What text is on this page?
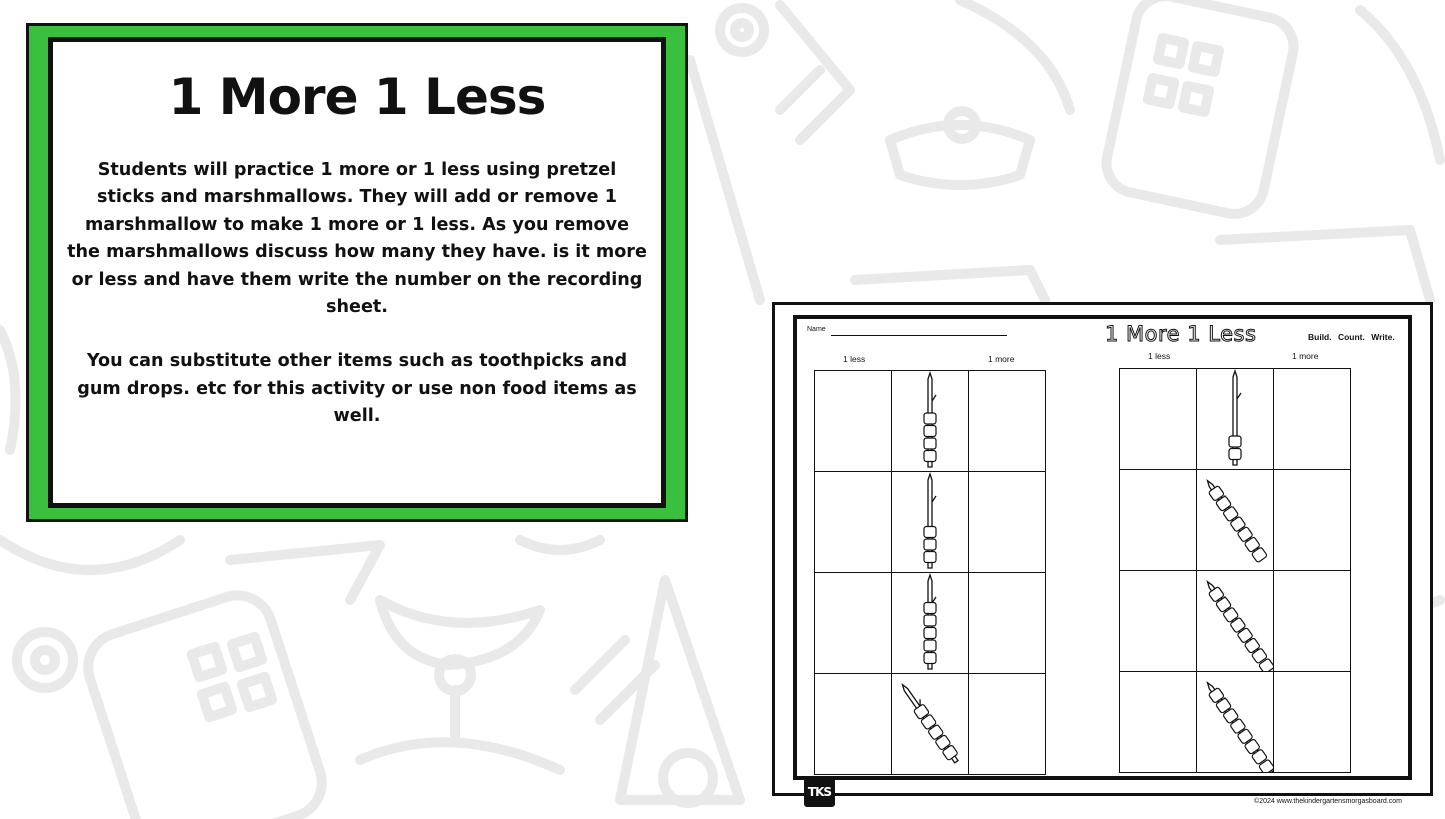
1 More 1 Less

Students will practice 1 more or 1 less using pretzel sticks and marshmallows. They will add or remove 1 marshmallow to make 1 more or 1 less. As you remove the marshmallows discuss how many they have. is it more or less and have them write the number on the recording sheet.

You can substitute other items such as toothpicks and gum drops. etc for this activity or use non food items as well.

Name	1 More 1 Less	Build. Count. Write.
1 less	1 more	1 less	1 more

TKS
©2024 www.thekindergartensmorgasboard.com
